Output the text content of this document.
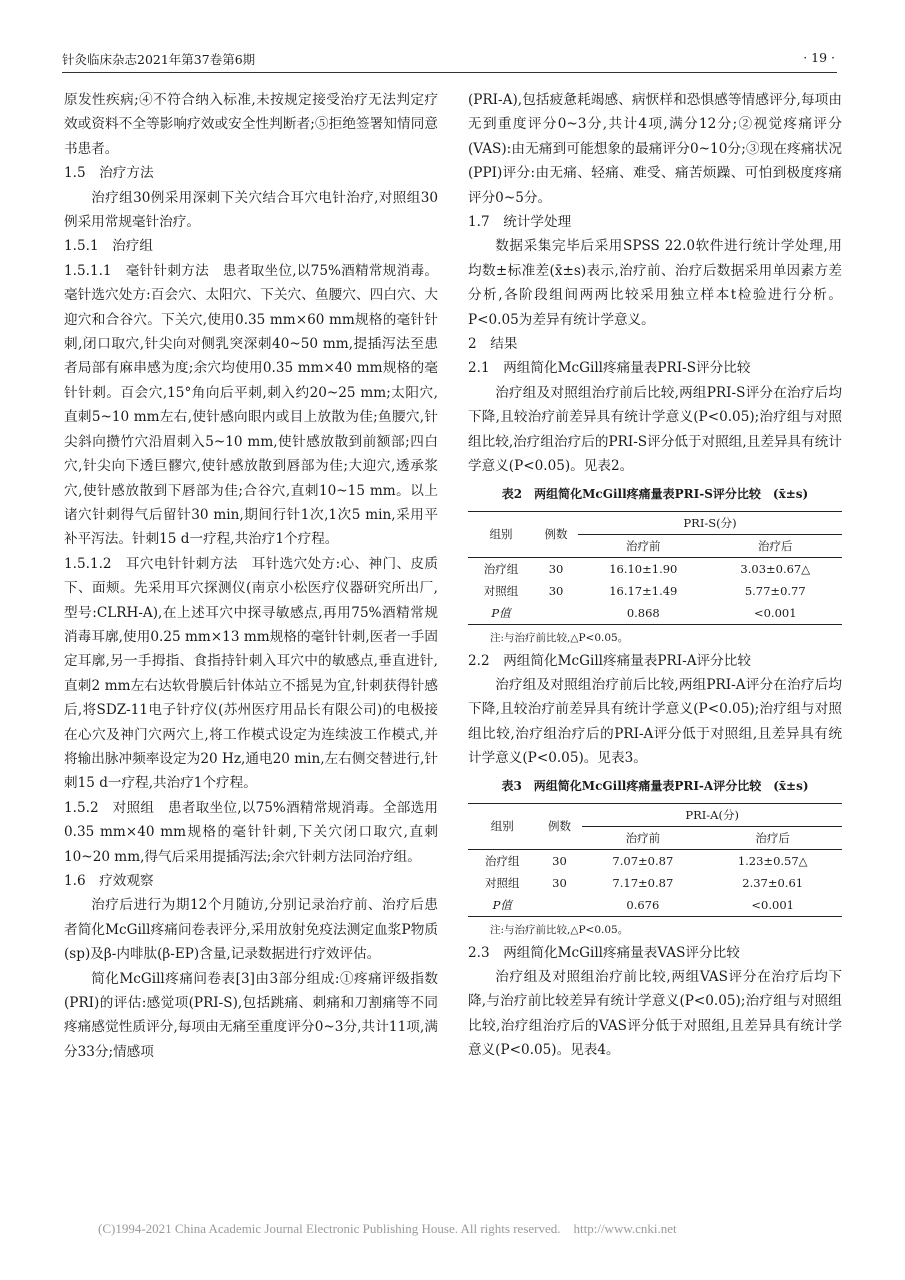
针灸临床杂志2021年第37卷第6期	· 19 ·

原发性疾病;④不符合纳入标准,未按规定接受治疗无法判定疗效或资料不全等影响疗效或安全性判断者;⑤拒绝签署知情同意书患者。

1.5　治疗方法

治疗组30例采用深刺下关穴结合耳穴电针治疗,对照组30例采用常规毫针治疗。

1.5.1　治疗组

1.5.1.1　毫针针刺方法　患者取坐位,以75%酒精常规消毒。毫针选穴处方:百会穴、太阳穴、下关穴、鱼腰穴、四白穴、大迎穴和合谷穴。下关穴,使用0.35 mm×60 mm规格的毫针针刺,闭口取穴,针尖向对侧乳突深刺40~50 mm,提插泻法至患者局部有麻串感为度;余穴均使用0.35 mm×40 mm规格的毫针针刺。百会穴,15°角向后平刺,刺入约20~25 mm;太阳穴,直刺5~10 mm左右,使针感向眼内或目上放散为佳;鱼腰穴,针尖斜向攒竹穴沿眉刺入5~10 mm,使针感放散到前额部;四白穴,针尖向下透巨髎穴,使针感放散到唇部为佳;大迎穴,透承浆穴,使针感放散到下唇部为佳;合谷穴,直刺10~15 mm。以上诸穴针刺得气后留针30 min,期间行针1次,1次5 min,采用平补平泻法。针刺15 d一疗程,共治疗1个疗程。

1.5.1.2　耳穴电针针刺方法　耳针选穴处方:心、神门、皮质下、面颊。先采用耳穴探测仪(南京小松医疗仪器研究所出厂,型号:CLRH-A),在上述耳穴中探寻敏感点,再用75%酒精常规消毒耳廓,使用0.25 mm×13 mm规格的毫针针刺,医者一手固定耳廓,另一手拇指、食指持针刺入耳穴中的敏感点,垂直进针,直刺2 mm左右达软骨膜后针体站立不摇晃为宜,针刺获得针感后,将SDZ-11电子针疗仪(苏州医疗用品长有限公司)的电极接在心穴及神门穴两穴上,将工作模式设定为连续波工作模式,并将输出脉冲频率设定为20 Hz,通电20 min,左右侧交替进行,针刺15 d一疗程,共治疗1个疗程。

1.5.2　对照组　患者取坐位,以75%酒精常规消毒。全部选用0.35 mm×40 mm规格的毫针针刺,下关穴闭口取穴,直刺10~20 mm,得气后采用提插泻法;余穴针刺方法同治疗组。

1.6　疗效观察

治疗后进行为期12个月随访,分别记录治疗前、治疗后患者简化McGill疼痛问卷表评分,采用放射免疫法测定血浆P物质(sp)及β-内啡肽(β-EP)含量,记录数据进行疗效评估。

简化McGill疼痛问卷表[3]由3部分组成:①疼痛评级指数(PRI)的评估:感觉项(PRI-S),包括跳痛、刺痛和刀割痛等不同疼痛感觉性质评分,每项由无痛至重度评分0~3分,共计11项,满分33分;情感项

(PRI-A),包括疲惫耗竭感、病恹样和恐惧感等情感评分,每项由无到重度评分0~3分,共计4项,满分12分;②视觉疼痛评分(VAS):由无痛到可能想象的最痛评分0~10分;③现在疼痛状况(PPI)评分:由无痛、轻痛、难受、痛苦烦躁、可怕到极度疼痛评分0~5分。

1.7　统计学处理

数据采集完毕后采用SPSS 22.0软件进行统计学处理,用均数±标准差(x̄±s)表示,治疗前、治疗后数据采用单因素方差分析,各阶段组间两两比较采用独立样本t检验进行分析。P<0.05为差异有统计学意义。

2　结果

2.1　两组简化McGill疼痛量表PRI-S评分比较

治疗组及对照组治疗前后比较,两组PRI-S评分在治疗后均下降,且较治疗前差异具有统计学意义(P<0.05);治疗组与对照组比较,治疗组治疗后的PRI-S评分低于对照组,且差异具有统计学意义(P<0.05)。见表2。

表2　两组简化McGill疼痛量表PRI-S评分比较　(x̄±s)
组别	例数	PRI-S(分)	
		治疗前	治疗后
治疗组	30	16.10±1.90	3.03±0.67△
对照组	30	16.17±1.49	5.77±0.77
P值		0.868	<0.001
注:与治疗前比较,△P<0.05。

2.2　两组简化McGill疼痛量表PRI-A评分比较

治疗组及对照组治疗前后比较,两组PRI-A评分在治疗后均下降,且较治疗前差异具有统计学意义(P<0.05);治疗组与对照组比较,治疗组治疗后的PRI-A评分低于对照组,且差异具有统计学意义(P<0.05)。见表3。

表3　两组简化McGill疼痛量表PRI-A评分比较　(x̄±s)
组别	例数	PRI-A(分)	
		治疗前	治疗后
治疗组	30	7.07±0.87	1.23±0.57△
对照组	30	7.17±0.87	2.37±0.61
P值		0.676	<0.001
注:与治疗前比较,△P<0.05。

2.3　两组简化McGill疼痛量表VAS评分比较

治疗组及对照组治疗前比较,两组VAS评分在治疗后均下降,与治疗前比较差异有统计学意义(P<0.05);治疗组与对照组比较,治疗组治疗后的VAS评分低于对照组,且差异具有统计学意义(P<0.05)。见表4。

(C)1994-2021 China Academic Journal Electronic Publishing House. All rights reserved.　http://www.cnki.net
